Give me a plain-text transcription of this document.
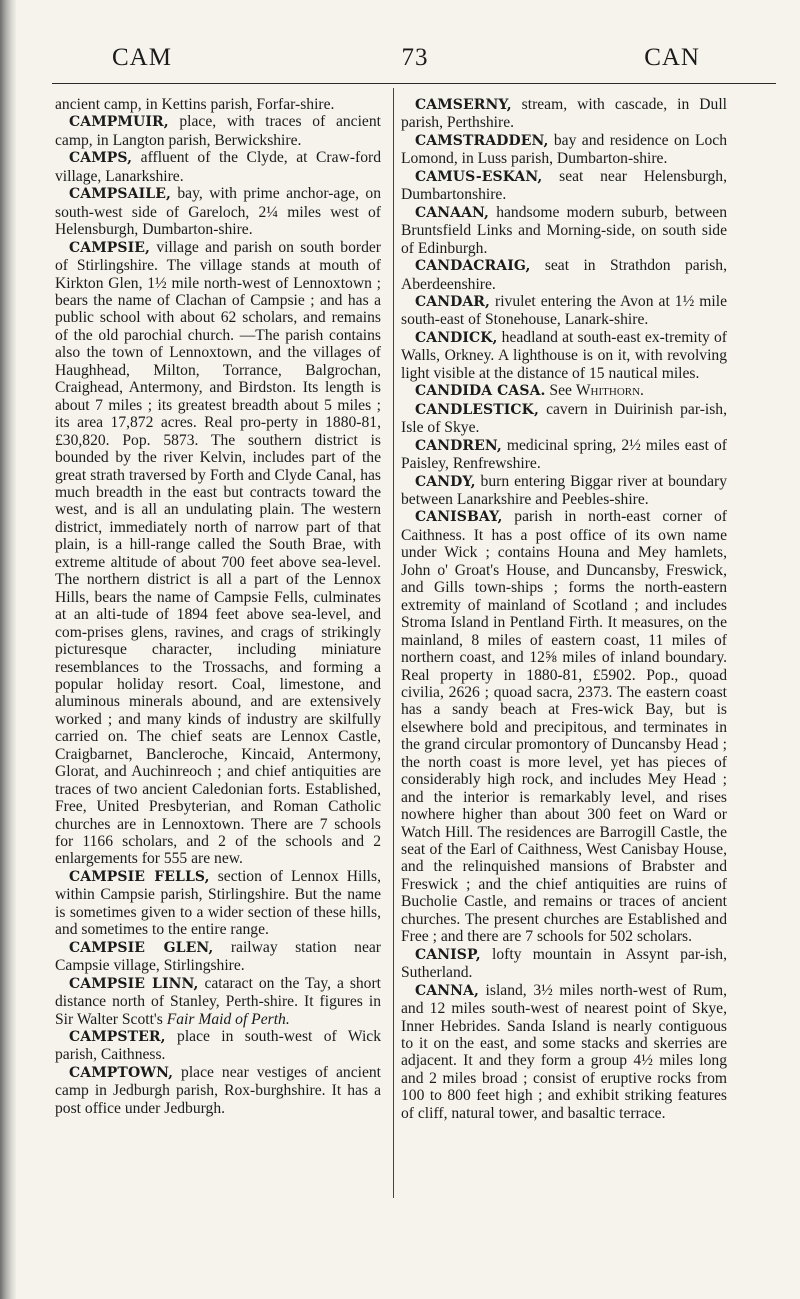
CAM	73	CAN

ancient camp, in Kettins parish, Forfar-shire.

CAMPMUIR, place, with traces of ancient camp, in Langton parish, Berwickshire.

CAMPS, affluent of the Clyde, at Craw-ford village, Lanarkshire.

CAMPSAILE, bay, with prime anchor-age, on south-west side of Gareloch, 2¼ miles west of Helensburgh, Dumbarton-shire.

CAMPSIE, village and parish on south border of Stirlingshire. The village stands at mouth of Kirkton Glen, 1½ mile north-west of Lennoxtown ; bears the name of Clachan of Campsie ; and has a public school with about 62 scholars, and remains of the old parochial church. —The parish contains also the town of Lennoxtown, and the villages of Haughhead, Milton, Torrance, Balgrochan, Craighead, Antermony, and Birdston. Its length is about 7 miles ; its greatest breadth about 5 miles ; its area 17,872 acres. Real pro-perty in 1880-81, £30,820. Pop. 5873. The southern district is bounded by the river Kelvin, includes part of the great strath traversed by Forth and Clyde Canal, has much breadth in the east but contracts toward the west, and is all an undulating plain. The western district, immediately north of narrow part of that plain, is a hill-range called the South Brae, with extreme altitude of about 700 feet above sea-level. The northern district is all a part of the Lennox Hills, bears the name of Campsie Fells, culminates at an alti-tude of 1894 feet above sea-level, and com-prises glens, ravines, and crags of strikingly picturesque character, including miniature resemblances to the Trossachs, and forming a popular holiday resort. Coal, limestone, and aluminous minerals abound, and are extensively worked ; and many kinds of industry are skilfully carried on. The chief seats are Lennox Castle, Craigbarnet, Bancleroche, Kincaid, Antermony, Glorat, and Auchinreoch ; and chief antiquities are traces of two ancient Caledonian forts. Established, Free, United Presbyterian, and Roman Catholic churches are in Lennoxtown. There are 7 schools for 1166 scholars, and 2 of the schools and 2 enlargements for 555 are new.

CAMPSIE FELLS, section of Lennox Hills, within Campsie parish, Stirlingshire. But the name is sometimes given to a wider section of these hills, and sometimes to the entire range.

CAMPSIE GLEN, railway station near Campsie village, Stirlingshire.

CAMPSIE LINN, cataract on the Tay, a short distance north of Stanley, Perth-shire. It figures in Sir Walter Scott's Fair Maid of Perth.

CAMPSTER, place in south-west of Wick parish, Caithness.

CAMPTOWN, place near vestiges of ancient camp in Jedburgh parish, Rox-burghshire. It has a post office under Jedburgh.

CAMSERNY, stream, with cascade, in Dull parish, Perthshire.

CAMSTRADDEN, bay and residence on Loch Lomond, in Luss parish, Dumbarton-shire.

CAMUS-ESKAN, seat near Helensburgh, Dumbartonshire.

CANAAN, handsome modern suburb, between Bruntsfield Links and Morning-side, on south side of Edinburgh.

CANDACRAIG, seat in Strathdon parish, Aberdeenshire.

CANDAR, rivulet entering the Avon at 1½ mile south-east of Stonehouse, Lanark-shire.

CANDICK, headland at south-east ex-tremity of Walls, Orkney. A lighthouse is on it, with revolving light visible at the distance of 15 nautical miles.

CANDIDA CASA. See Whithorn.

CANDLESTICK, cavern in Duirinish par-ish, Isle of Skye.

CANDREN, medicinal spring, 2½ miles east of Paisley, Renfrewshire.

CANDY, burn entering Biggar river at boundary between Lanarkshire and Peebles-shire.

CANISBAY, parish in north-east corner of Caithness. It has a post office of its own name under Wick ; contains Houna and Mey hamlets, John o' Groat's House, and Duncansby, Freswick, and Gills town-ships ; forms the north-eastern extremity of mainland of Scotland ; and includes Stroma Island in Pentland Firth. It measures, on the mainland, 8 miles of eastern coast, 11 miles of northern coast, and 12⅝ miles of inland boundary. Real property in 1880-81, £5902. Pop., quoad civilia, 2626 ; quoad sacra, 2373. The eastern coast has a sandy beach at Fres-wick Bay, but is elsewhere bold and precipitous, and terminates in the grand circular promontory of Duncansby Head ; the north coast is more level, yet has pieces of considerably high rock, and includes Mey Head ; and the interior is remarkably level, and rises nowhere higher than about 300 feet on Ward or Watch Hill. The residences are Barrogill Castle, the seat of the Earl of Caithness, West Canisbay House, and the relinquished mansions of Brabster and Freswick ; and the chief antiquities are ruins of Bucholie Castle, and remains or traces of ancient churches. The present churches are Established and Free ; and there are 7 schools for 502 scholars.

CANISP, lofty mountain in Assynt par-ish, Sutherland.

CANNA, island, 3½ miles north-west of Rum, and 12 miles south-west of nearest point of Skye, Inner Hebrides. Sanda Island is nearly contiguous to it on the east, and some stacks and skerries are adjacent. It and they form a group 4½ miles long and 2 miles broad ; consist of eruptive rocks from 100 to 800 feet high ; and exhibit striking features of cliff, natural tower, and basaltic terrace.
